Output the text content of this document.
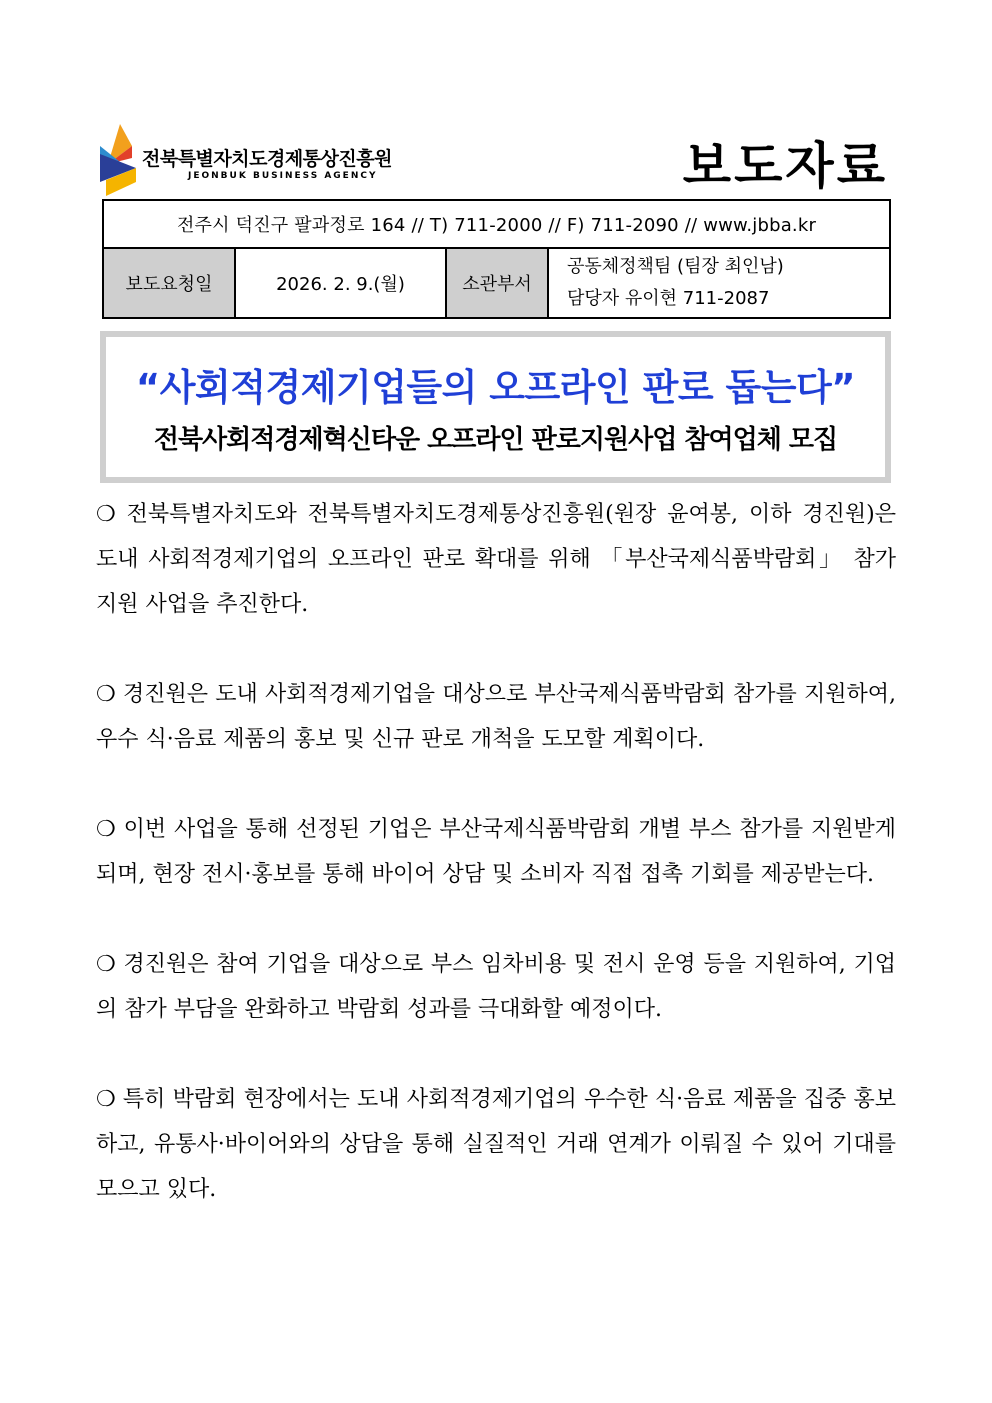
전북특별자치도경제통상진흥원
JEONBUK BUSINESS AGENCY	보도자료
전주시 덕진구 팔과정로 164 // T) 711-2000 // F) 711-2090 // www.jbba.kr
보도요청일	2026. 2. 9.(월)	소관부서	
공동체정책팀 (팀장 최인남)
담당자 유이현 711-2087
“사회적경제기업들의 오프라인 판로 돕는다”
전북사회적경제혁신타운 오프라인 판로지원사업 참여업체 모집

❍ 전북특별자치도와 전북특별자치도경제통상진흥원(원장 윤여봉, 이하 경진원)은 도내 사회적경제기업의 오프라인 판로 확대를 위해 「부산국제식품박람회」 참가 지원 사업을 추진한다.

❍ 경진원은 도내 사회적경제기업을 대상으로 부산국제식품박람회 참가를 지원하여, 우수 식·음료 제품의 홍보 및 신규 판로 개척을 도모할 계획이다.

❍ 이번 사업을 통해 선정된 기업은 부산국제식품박람회 개별 부스 참가를 지원받게 되며, 현장 전시·홍보를 통해 바이어 상담 및 소비자 직접 접촉 기회를 제공받는다.

❍ 경진원은 참여 기업을 대상으로 부스 임차비용 및 전시 운영 등을 지원하여, 기업의 참가 부담을 완화하고 박람회 성과를 극대화할 예정이다.

❍ 특히 박람회 현장에서는 도내 사회적경제기업의 우수한 식·음료 제품을 집중 홍보하고, 유통사·바이어와의 상담을 통해 실질적인 거래 연계가 이뤄질 수 있어 기대를 모으고 있다.
